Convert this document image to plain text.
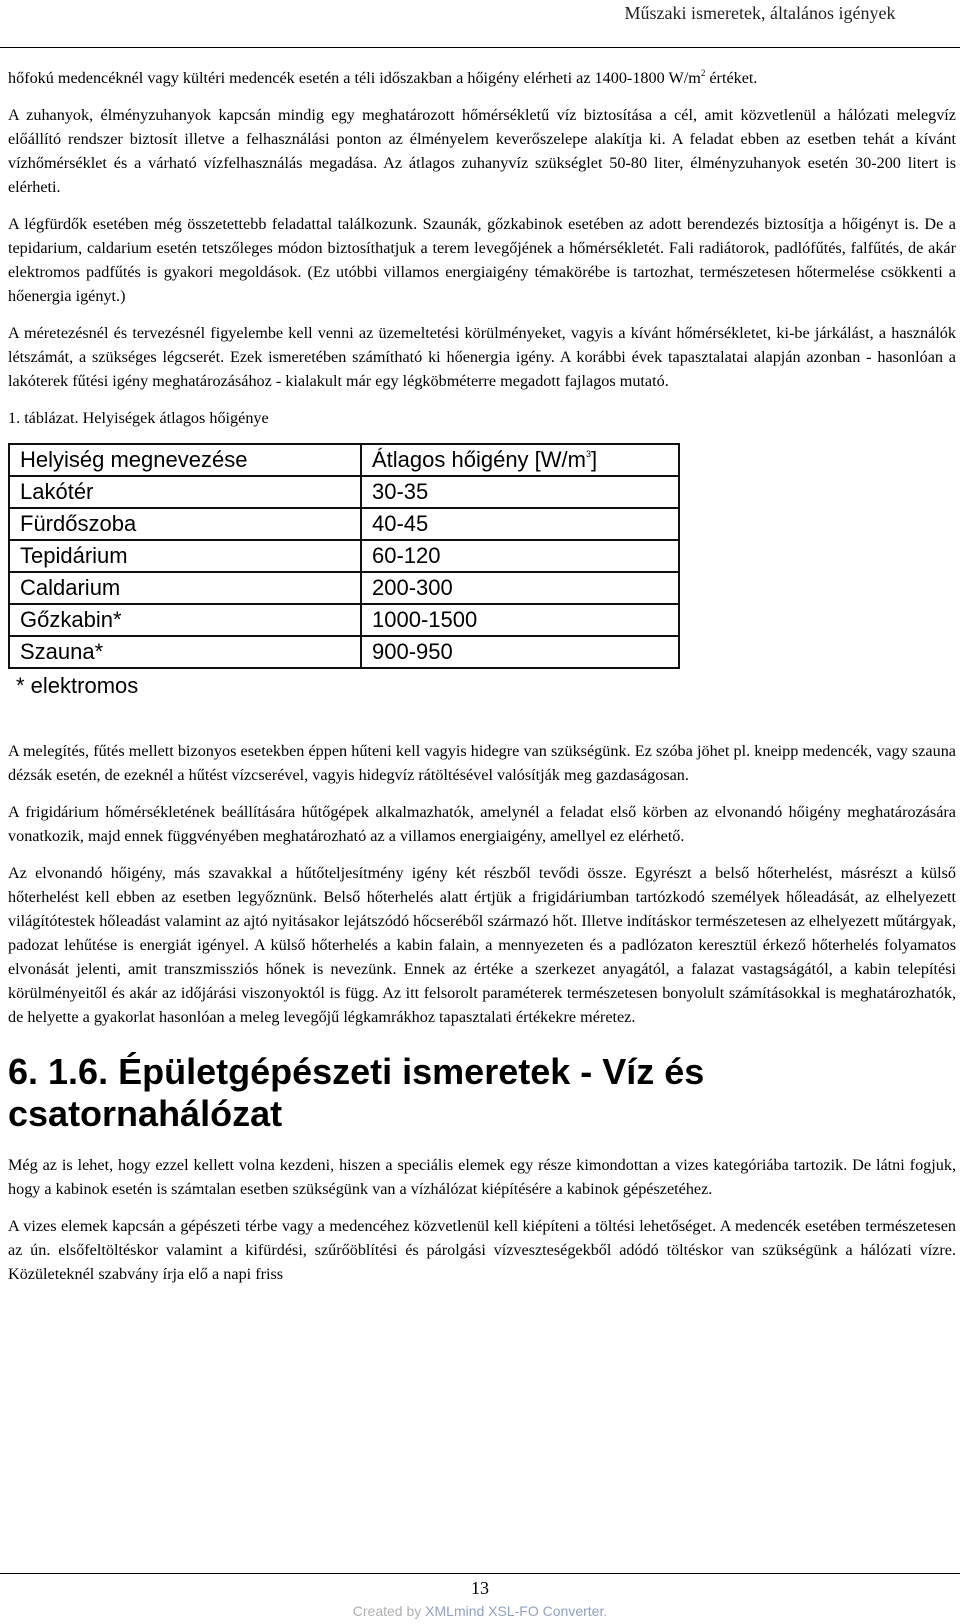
Műszaki ismeretek, általános igények

hőfokú medencéknél vagy kültéri medencék esetén a téli időszakban a hőigény elérheti az 1400-1800 $W/m^2$ értéket.

A zuhanyok, élményzuhanyok kapcsán mindig egy meghatározott hőmérsékletű víz biztosítása a cél, amit közvetlenül a hálózati melegvíz előállító rendszer biztosít illetve a felhasználási ponton az élményelem keverőszelepe alakítja ki. A feladat ebben az esetben tehát a kívánt vízhőmérséklet és a várható vízfelhasználás megadása. Az átlagos zuhanyvíz szükséglet 50-80 liter, élményzuhanyok esetén 30-200 litert is elérheti.

A légfürdők esetében még összetettebb feladattal találkozunk. Szaunák, gőzkabinok esetében az adott berendezés biztosítja a hőigényt is. De a tepidarium, caldarium esetén tetszőleges módon biztosíthatjuk a terem levegőjének a hőmérsékletét. Fali radiátorok, padlófűtés, falfűtés, de akár elektromos padfűtés is gyakori megoldások. (Ez utóbbi villamos energiaigény témakörébe is tartozhat, természetesen hőtermelése csökkenti a hőenergia igényt.)

A méretezésnél és tervezésnél figyelembe kell venni az üzemeltetési körülményeket, vagyis a kívánt hőmérsékletet, ki-be járkálást, a használók létszámát, a szükséges légcserét. Ezek ismeretében számítható ki hőenergia igény. A korábbi évek tapasztalatai alapján azonban - hasonlóan a lakóterek fűtési igény meghatározásához - kialakult már egy légköbméterre megadott fajlagos mutató.

1. táblázat. Helyiségek átlagos hőigénye

Helyiség megnevezése	Átlagos hőigény $[W/m^3]$
Lakótér	30-35
Fürdőszoba	40-45
Tepidárium	60-120
Caldarium	200-300
Gőzkabin*	1000-1500
Szauna*	900-950
* elektromos

A melegítés, fűtés mellett bizonyos esetekben éppen hűteni kell vagyis hidegre van szükségünk. Ez szóba jöhet pl. kneipp medencék, vagy szauna dézsák esetén, de ezeknél a hűtést vízcserével, vagyis hidegvíz rátöltésével valósítják meg gazdaságosan.

A frigidárium hőmérsékletének beállítására hűtőgépek alkalmazhatók, amelynél a feladat első körben az elvonandó hőigény meghatározására vonatkozik, majd ennek függvényében meghatározható az a villamos energiaigény, amellyel ez elérhető.

Az elvonandó hőigény, más szavakkal a hűtőteljesítmény igény két részből tevődi össze. Egyrészt a belső hőterhelést, másrészt a külső hőterhelést kell ebben az esetben legyőznünk. Belső hőterhelés alatt értjük a frigidáriumban tartózkodó személyek hőleadását, az elhelyezett világítótestek hőleadást valamint az ajtó nyitásakor lejátszódó hőcseréből származó hőt. Illetve indításkor természetesen az elhelyezett műtárgyak, padozat lehűtése is energiát igényel. A külső hőterhelés a kabin falain, a mennyezeten és a padlózaton keresztül érkező hőterhelés folyamatos elvonását jelenti, amit transzmissziós hőnek is nevezünk. Ennek az értéke a szerkezet anyagától, a falazat vastagságától, a kabin telepítési körülményeitől és akár az időjárási viszonyoktól is függ. Az itt felsorolt paraméterek természetesen bonyolult számításokkal is meghatározhatók, de helyette a gyakorlat hasonlóan a meleg levegőjű légkamrákhoz tapasztalati értékekre méretez.

6. 1.6. Épületgépészeti ismeretek - Víz és csatornahálózat

Még az is lehet, hogy ezzel kellett volna kezdeni, hiszen a speciális elemek egy része kimondottan a vizes kategóriába tartozik. De látni fogjuk, hogy a kabinok esetén is számtalan esetben szükségünk van a vízhálózat kiépítésére a kabinok gépészetéhez.

A vizes elemek kapcsán a gépészeti térbe vagy a medencéhez közvetlenül kell kiépíteni a töltési lehetőséget. A medencék esetében természetesen az ún. elsőfeltöltéskor valamint a kifürdési, szűrőöblítési és párolgási vízveszteségekből adódó töltéskor van szükségünk a hálózati vízre. Közületeknél szabvány írja elő a napi friss

13
Created by XMLmind XSL-FO Converter.
